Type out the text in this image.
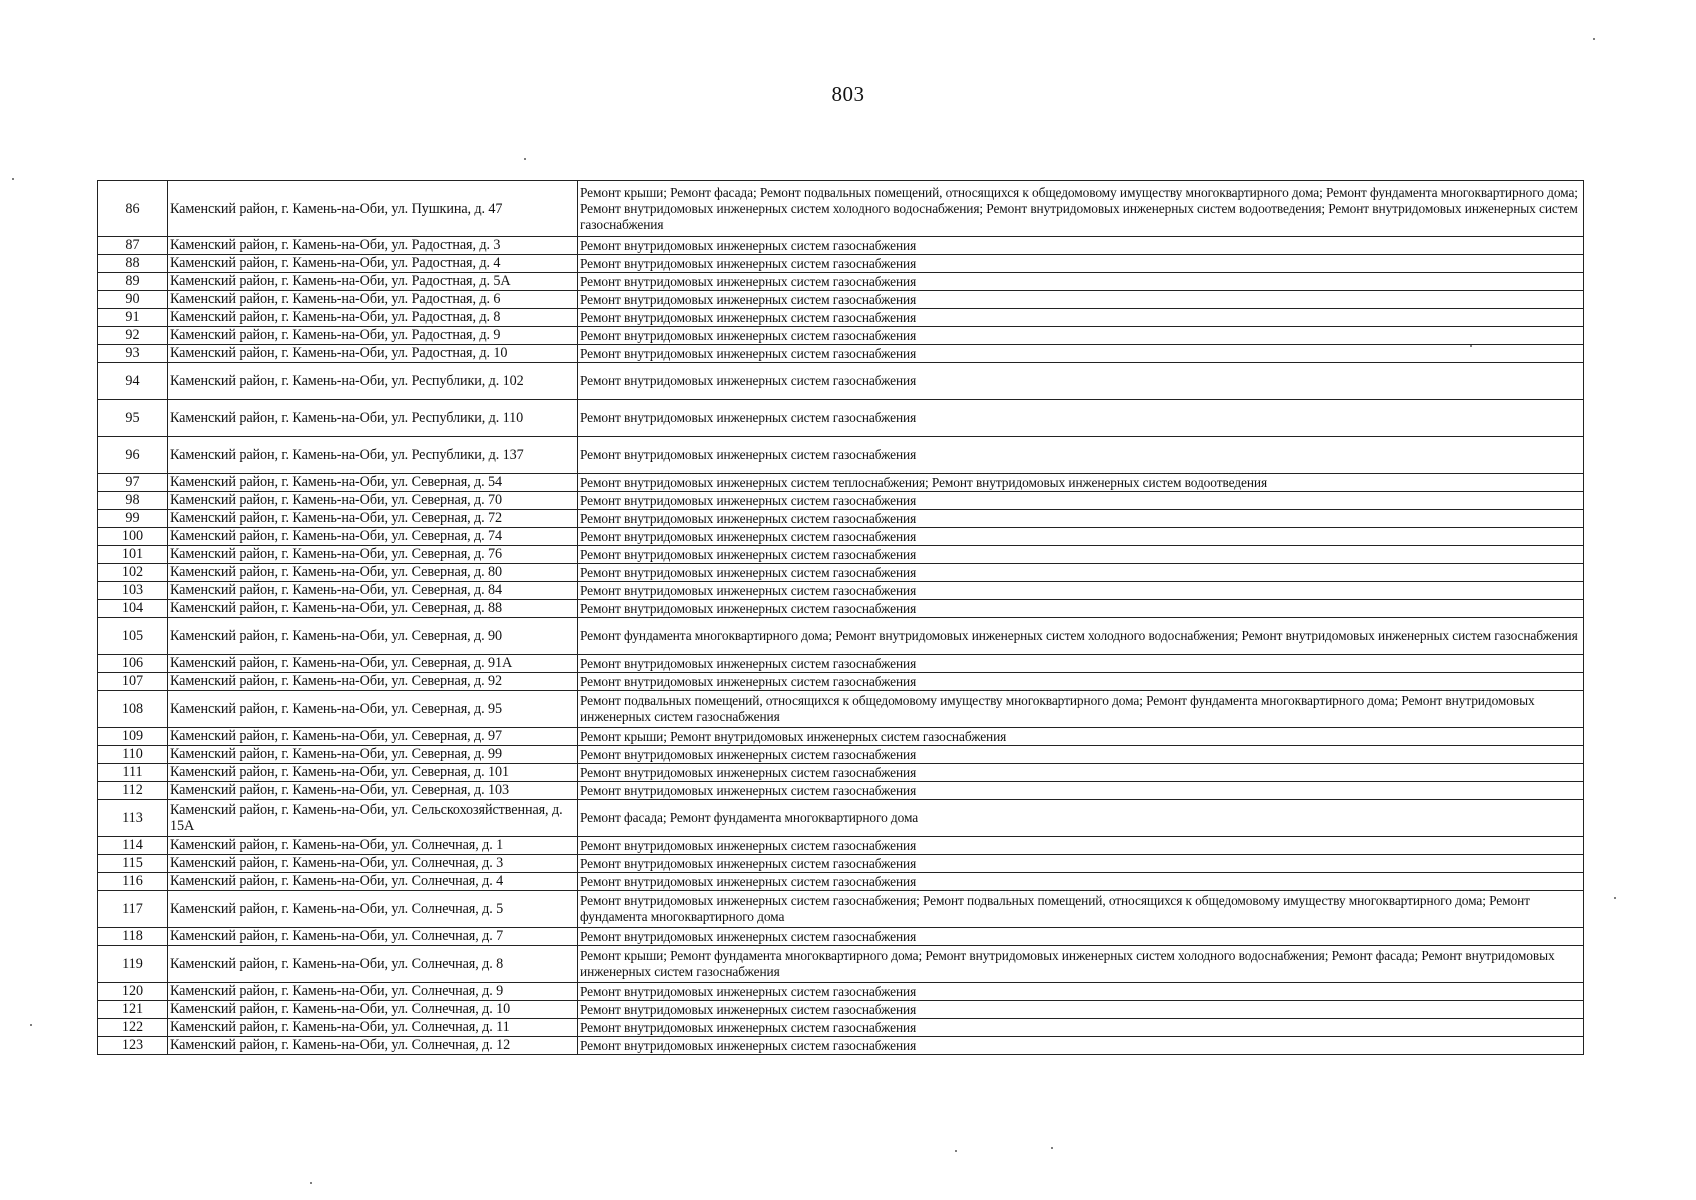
803
86	Каменский район, г. Камень-на-Оби, ул. Пушкина, д. 47	Ремонт крыши; Ремонт фасада; Ремонт подвальных помещений, относящихся к общедомовому имуществу многоквартирного дома; Ремонт фундамента многоквартирного дома; Ремонт внутридомовых инженерных систем холодного водоснабжения; Ремонт внутридомовых инженерных систем водоотведения; Ремонт внутридомовых инженерных систем газоснабжения
87	Каменский район, г. Камень-на-Оби, ул. Радостная, д. 3	Ремонт внутридомовых инженерных систем газоснабжения
88	Каменский район, г. Камень-на-Оби, ул. Радостная, д. 4	Ремонт внутридомовых инженерных систем газоснабжения
89	Каменский район, г. Камень-на-Оби, ул. Радостная, д. 5А	Ремонт внутридомовых инженерных систем газоснабжения
90	Каменский район, г. Камень-на-Оби, ул. Радостная, д. 6	Ремонт внутридомовых инженерных систем газоснабжения
91	Каменский район, г. Камень-на-Оби, ул. Радостная, д. 8	Ремонт внутридомовых инженерных систем газоснабжения
92	Каменский район, г. Камень-на-Оби, ул. Радостная, д. 9	Ремонт внутридомовых инженерных систем газоснабжения
93	Каменский район, г. Камень-на-Оби, ул. Радостная, д. 10	Ремонт внутридомовых инженерных систем газоснабжения
94	Каменский район, г. Камень-на-Оби, ул. Республики, д. 102	Ремонт внутридомовых инженерных систем газоснабжения
95	Каменский район, г. Камень-на-Оби, ул. Республики, д. 110	Ремонт внутридомовых инженерных систем газоснабжения
96	Каменский район, г. Камень-на-Оби, ул. Республики, д. 137	Ремонт внутридомовых инженерных систем газоснабжения
97	Каменский район, г. Камень-на-Оби, ул. Северная, д. 54	Ремонт внутридомовых инженерных систем теплоснабжения; Ремонт внутридомовых инженерных систем водоотведения
98	Каменский район, г. Камень-на-Оби, ул. Северная, д. 70	Ремонт внутридомовых инженерных систем газоснабжения
99	Каменский район, г. Камень-на-Оби, ул. Северная, д. 72	Ремонт внутридомовых инженерных систем газоснабжения
100	Каменский район, г. Камень-на-Оби, ул. Северная, д. 74	Ремонт внутридомовых инженерных систем газоснабжения
101	Каменский район, г. Камень-на-Оби, ул. Северная, д. 76	Ремонт внутридомовых инженерных систем газоснабжения
102	Каменский район, г. Камень-на-Оби, ул. Северная, д. 80	Ремонт внутридомовых инженерных систем газоснабжения
103	Каменский район, г. Камень-на-Оби, ул. Северная, д. 84	Ремонт внутридомовых инженерных систем газоснабжения
104	Каменский район, г. Камень-на-Оби, ул. Северная, д. 88	Ремонт внутридомовых инженерных систем газоснабжения
105	Каменский район, г. Камень-на-Оби, ул. Северная, д. 90	Ремонт фундамента многоквартирного дома; Ремонт внутридомовых инженерных систем холодного водоснабжения; Ремонт внутридомовых инженерных систем газоснабжения
106	Каменский район, г. Камень-на-Оби, ул. Северная, д. 91А	Ремонт внутридомовых инженерных систем газоснабжения
107	Каменский район, г. Камень-на-Оби, ул. Северная, д. 92	Ремонт внутридомовых инженерных систем газоснабжения
108	Каменский район, г. Камень-на-Оби, ул. Северная, д. 95	Ремонт подвальных помещений, относящихся к общедомовому имуществу многоквартирного дома; Ремонт фундамента многоквартирного дома; Ремонт внутридомовых инженерных систем газоснабжения
109	Каменский район, г. Камень-на-Оби, ул. Северная, д. 97	Ремонт крыши; Ремонт внутридомовых инженерных систем газоснабжения
110	Каменский район, г. Камень-на-Оби, ул. Северная, д. 99	Ремонт внутридомовых инженерных систем газоснабжения
111	Каменский район, г. Камень-на-Оби, ул. Северная, д. 101	Ремонт внутридомовых инженерных систем газоснабжения
112	Каменский район, г. Камень-на-Оби, ул. Северная, д. 103	Ремонт внутридомовых инженерных систем газоснабжения
113	Каменский район, г. Камень-на-Оби, ул. Сельскохозяйственная, д. 15А	Ремонт фасада; Ремонт фундамента многоквартирного дома
114	Каменский район, г. Камень-на-Оби, ул. Солнечная, д. 1	Ремонт внутридомовых инженерных систем газоснабжения
115	Каменский район, г. Камень-на-Оби, ул. Солнечная, д. 3	Ремонт внутридомовых инженерных систем газоснабжения
116	Каменский район, г. Камень-на-Оби, ул. Солнечная, д. 4	Ремонт внутридомовых инженерных систем газоснабжения
117	Каменский район, г. Камень-на-Оби, ул. Солнечная, д. 5	Ремонт внутридомовых инженерных систем газоснабжения; Ремонт подвальных помещений, относящихся к общедомовому имуществу многоквартирного дома; Ремонт фундамента многоквартирного дома
118	Каменский район, г. Камень-на-Оби, ул. Солнечная, д. 7	Ремонт внутридомовых инженерных систем газоснабжения
119	Каменский район, г. Камень-на-Оби, ул. Солнечная, д. 8	Ремонт крыши; Ремонт фундамента многоквартирного дома; Ремонт внутридомовых инженерных систем холодного водоснабжения; Ремонт фасада; Ремонт внутридомовых инженерных систем газоснабжения
120	Каменский район, г. Камень-на-Оби, ул. Солнечная, д. 9	Ремонт внутридомовых инженерных систем газоснабжения
121	Каменский район, г. Камень-на-Оби, ул. Солнечная, д. 10	Ремонт внутридомовых инженерных систем газоснабжения
122	Каменский район, г. Камень-на-Оби, ул. Солнечная, д. 11	Ремонт внутридомовых инженерных систем газоснабжения
123	Каменский район, г. Камень-на-Оби, ул. Солнечная, д. 12	Ремонт внутридомовых инженерных систем газоснабжения
